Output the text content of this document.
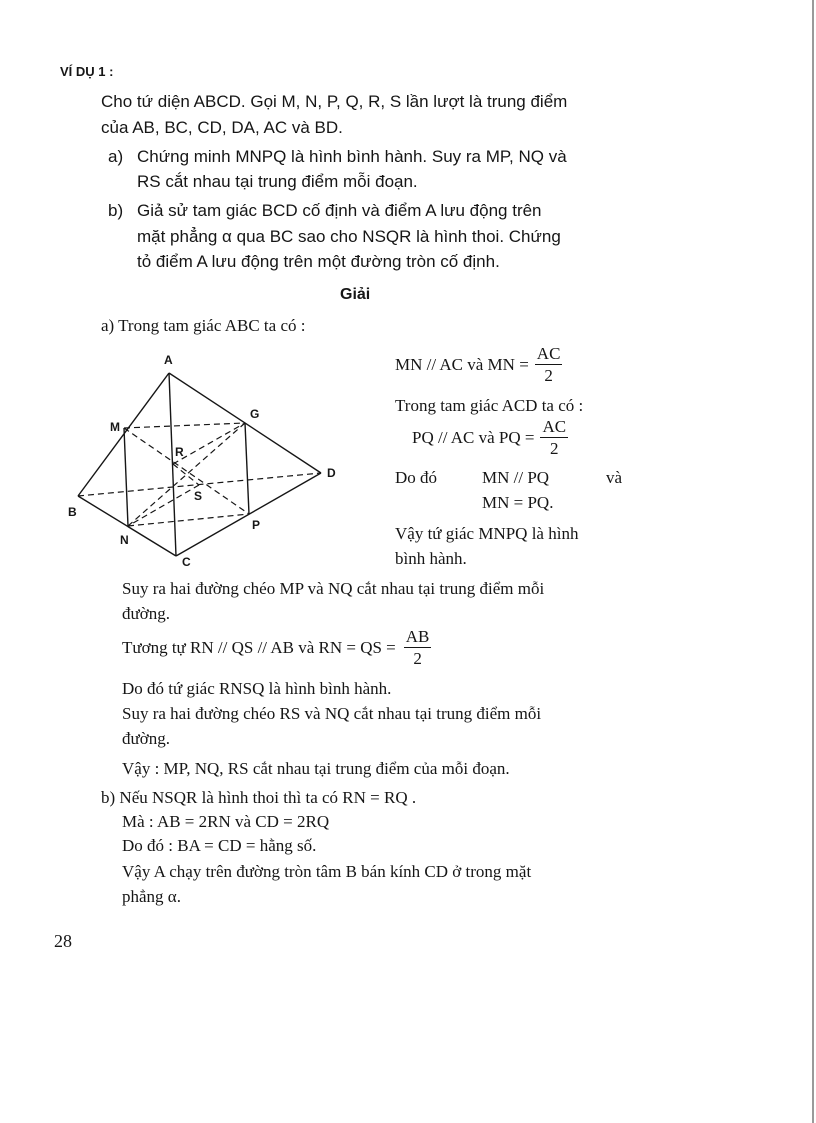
VÍ DỤ 1 :
Cho tứ diện ABCD. Gọi M, N, P, Q, R, S lần lượt là trung điểm
của AB, BC, CD, DA, AC và BD.
a) Chứng minh MNPQ là hình bình hành. Suy ra MP, NQ và
RS cắt nhau tại trung điểm mỗi đoạn.
b) Giả sử tam giác BCD cố định và điểm A lưu động trên
mặt phẳng α qua BC sao cho NSQR là hình thoi. Chứng
tỏ điểm A lưu động trên một đường tròn cố định.
Giải
a) Trong tam giác ABC ta có :
A
B
C
D
M
N
P
G
R
S
MN // AC và MN = $\frac{AC}{2}$
Trong tam giác ACD ta có :
PQ // AC và PQ = $\frac{AC}{2}$
Do đó	MN // PQ	và
MN = PQ.
Vậy tứ giác MNPQ là hình
bình hành.
Suy ra hai đường chéo MP và NQ cắt nhau tại trung điểm mỗi
đường.
Tương tự RN // QS // AB và RN = QS = $\frac{AB}{2}$
Do đó tứ giác RNSQ là hình bình hành.
Suy ra hai đường chéo RS và NQ cắt nhau tại trung điểm mỗi
đường.
Vậy : MP, NQ, RS cắt nhau tại trung điểm của mỗi đoạn.
b) Nếu NSQR là hình thoi thì ta có RN = RQ .
Mà : AB = 2RN và CD = 2RQ
Do đó : BA = CD = hằng số.
Vậy A chạy trên đường tròn tâm B bán kính CD ở trong mặt
phẳng α.
28
